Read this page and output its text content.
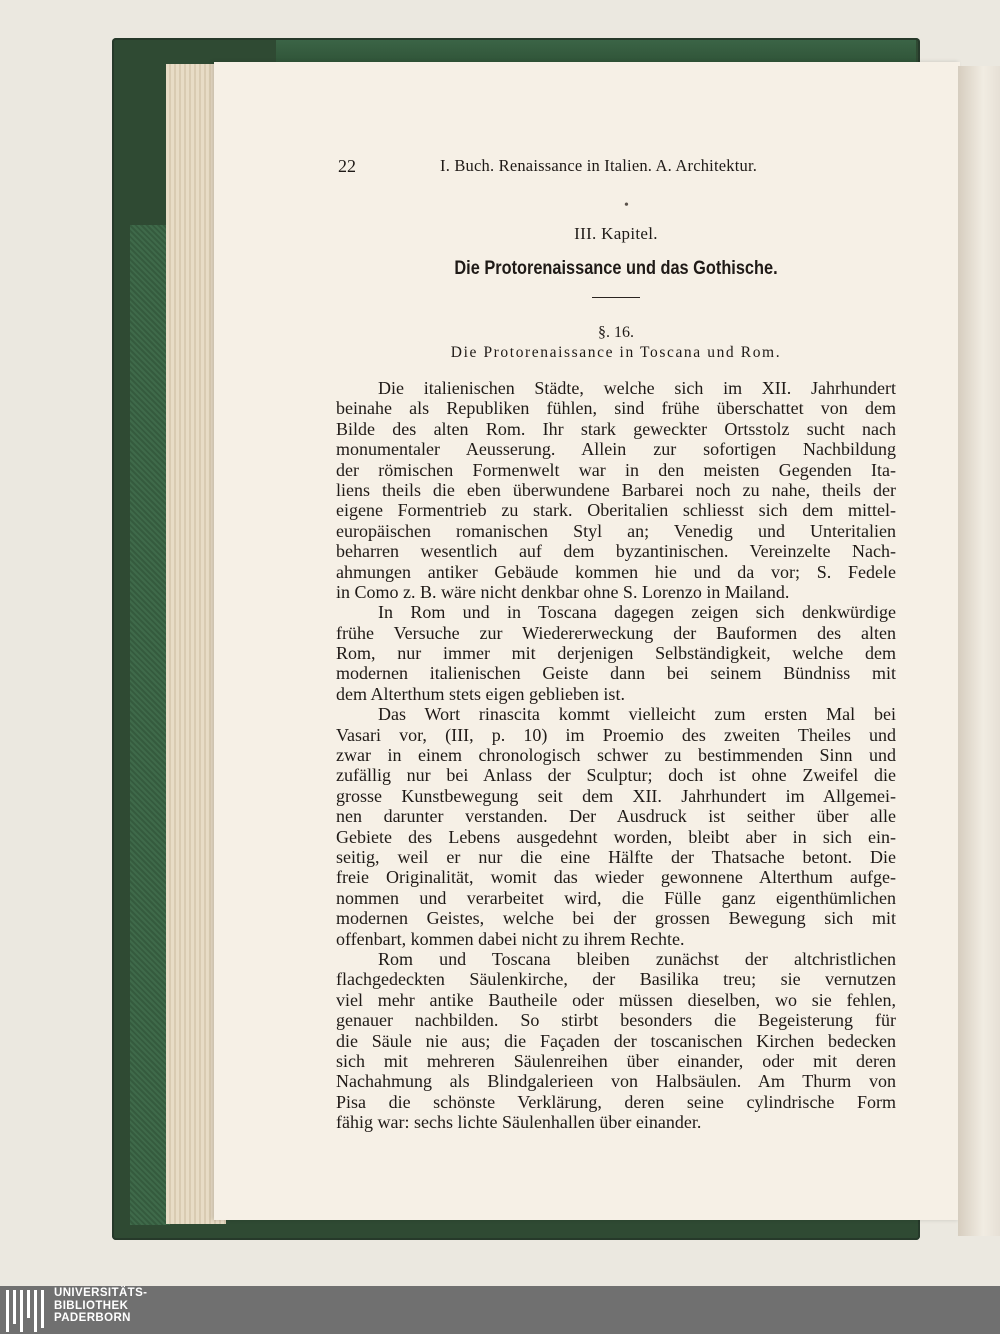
22	I. Buch. Renaissance in Italien. A. Architektur.
•
III. Kapitel.
Die Protorenaissance und das Gothische.
§. 16.
Die Protorenaissance in Toscana und Rom.
Die italienischen Städte, welche sich im XII. Jahrhundert
beinahe als Republiken fühlen, sind frühe überschattet von dem
Bilde des alten Rom. Ihr stark geweckter Ortsstolz sucht nach
monumentaler Aeusserung. Allein zur sofortigen Nachbildung
der römischen Formenwelt war in den meisten Gegenden Ita-
liens theils die eben überwundene Barbarei noch zu nahe, theils der
eigene Formentrieb zu stark. Oberitalien schliesst sich dem mittel-
europäischen romanischen Styl an; Venedig und Unteritalien
beharren wesentlich auf dem byzantinischen. Vereinzelte Nach-
ahmungen antiker Gebäude kommen hie und da vor; S. Fedele
in Como z. B. wäre nicht denkbar ohne S. Lorenzo in Mailand.
In Rom und in Toscana dagegen zeigen sich denkwürdige
frühe Versuche zur Wiedererweckung der Bauformen des alten
Rom, nur immer mit derjenigen Selbständigkeit, welche dem
modernen italienischen Geiste dann bei seinem Bündniss mit
dem Alterthum stets eigen geblieben ist.
Das Wort rinascita kommt vielleicht zum ersten Mal bei
Vasari vor, (III, p. 10) im Proemio des zweiten Theiles und
zwar in einem chronologisch schwer zu bestimmenden Sinn und
zufällig nur bei Anlass der Sculptur; doch ist ohne Zweifel die
grosse Kunstbewegung seit dem XII. Jahrhundert im Allgemei-
nen darunter verstanden. Der Ausdruck ist seither über alle
Gebiete des Lebens ausgedehnt worden, bleibt aber in sich ein-
seitig, weil er nur die eine Hälfte der Thatsache betont. Die
freie Originalität, womit das wieder gewonnene Alterthum aufge-
nommen und verarbeitet wird, die Fülle ganz eigenthümlichen
modernen Geistes, welche bei der grossen Bewegung sich mit
offenbart, kommen dabei nicht zu ihrem Rechte.
Rom und Toscana bleiben zunächst der altchristlichen
flachgedeckten Säulenkirche, der Basilika treu; sie vernutzen
viel mehr antike Bautheile oder müssen dieselben, wo sie fehlen,
genauer nachbilden. So stirbt besonders die Begeisterung für
die Säule nie aus; die Façaden der toscanischen Kirchen bedecken
sich mit mehreren Säulenreihen über einander, oder mit deren
Nachahmung als Blindgalerieen von Halbsäulen. Am Thurm von
Pisa die schönste Verklärung, deren seine cylindrische Form
fähig war: sechs lichte Säulenhallen über einander.
UNIVERSITÄTS-
BIBLIOTHEK
PADERBORN
